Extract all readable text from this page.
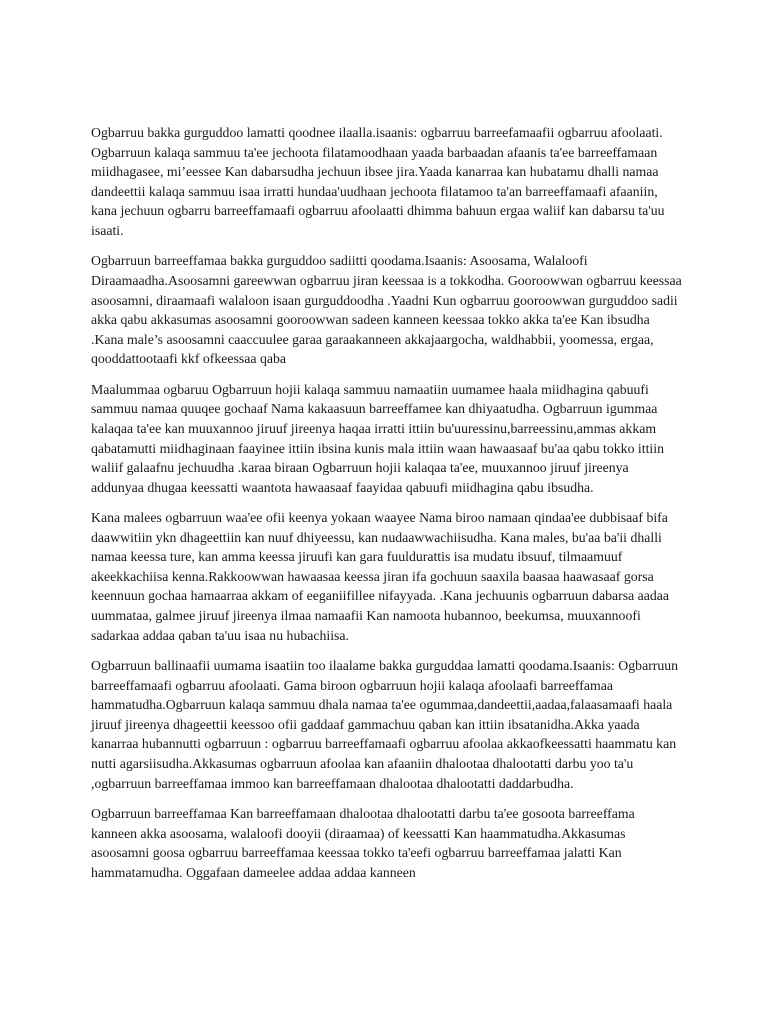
Ogbarruu bakka gurguddoo lamatti qoodnee ilaalla.isaanis: ogbarruu barreefamaafii ogbarruu afoolaati.  Ogbarruun kalaqa sammuu ta'ee jechoota filatamoodhaan yaada barbaadan afaanis ta'ee barreeffamaan miidhagasee, mi’eessee Kan dabarsudha jechuun ibsee jira.Yaada kanarraa kan hubatamu dhalli namaa dandeettii kalaqa sammuu isaa irratti hundaa'uudhaan jechoota filatamoo ta'an barreeffamaafi afaaniin, kana jechuun ogbarru barreeffamaafi ogbarruu afoolaatti dhimma bahuun ergaa waliif kan dabarsu ta'uu isaati.

Ogbarruun barreeffamaa bakka gurguddoo sadiitti qoodama.Isaanis: Asoosama, Walaloofi Diraamaadha.Asoosamni gareewwan ogbarruu jiran keessaa is a tokkodha. Gooroowwan ogbarruu keessaa asoosamni, diraamaafi walaloon isaan gurguddoodha .Yaadni Kun ogbarruu gooroowwan gurguddoo sadii akka qabu akkasumas asoosamni gooroowwan sadeen kanneen keessaa tokko akka ta'ee Kan ibsudha .Kana male’s asoosamni caaccuulee garaa garaakanneen akkajaargocha, waldhabbii, yoomessa, ergaa, qooddattootaafi kkf ofkeessaa qaba

Maalummaa ogbaruu Ogbarruun hojii kalaqa sammuu namaatiin uumamee haala miidhagina qabuufi sammuu namaa quuqee gochaaf Nama kakaasuun barreeffamee kan dhiyaatudha. Ogbarruun igummaa kalaqaa ta'ee kan muuxannoo jiruuf jireenya haqaa irratti ittiin bu'uuressinu,barreessinu,ammas akkam qabatamutti miidhaginaan faayinee ittiin ibsina kunis mala ittiin waan hawaasaaf bu'aa qabu tokko ittiin waliif galaafnu jechuudha .karaa biraan Ogbarruun hojii kalaqaa ta'ee, muuxannoo jiruuf jireenya addunyaa dhugaa keessatti waantota hawaasaaf faayidaa qabuufi miidhagina qabu ibsudha.

Kana malees ogbarruun waa'ee ofii keenya yokaan waayee Nama biroo namaan qindaa'ee dubbisaaf bifa daawwitiin ykn dhageettiin kan nuuf dhiyeessu, kan nudaawwachiisudha. Kana males, bu'aa ba'ii dhalli namaa keessa ture, kan amma keessa jiruufi kan gara fuuldurattis isa mudatu ibsuuf, tilmaamuuf akeekkachiisa kenna.Rakkoowwan hawaasaa keessa jiran ifa gochuun saaxila baasaa haawasaaf gorsa keennuun gochaa hamaarraa akkam of eeganiifillee nifayyada. .Kana jechuunis ogbarruun dabarsa aadaa uummataa, galmee jiruuf jireenya ilmaa namaafii Kan namoota hubannoo, beekumsa, muuxannoofi sadarkaa addaa qaban ta'uu isaa nu hubachiisa.

Ogbarruun ballinaafii uumama isaatiin too ilaalame bakka gurguddaa lamatti qoodama.Isaanis: Ogbarruun barreeffamaafi ogbarruu afoolaati. Gama biroon ogbarruun hojii kalaqa afoolaafi barreeffamaa hammatudha.Ogbarruun kalaqa sammuu dhala namaa ta'ee ogummaa,dandeettii,aadaa,falaasamaafi haala jiruuf jireenya dhageettii keessoo ofii gaddaaf gammachuu qaban kan ittiin ibsatanidha.Akka yaada kanarraa hubannutti ogbarruun : ogbarruu barreeffamaafi ogbarruu afoolaa akkaofkeessatti haammatu kan nutti agarsiisudha.Akkasumas ogbarruun afoolaa kan afaaniin dhalootaa dhalootatti darbu yoo ta'u ,ogbarruun barreeffamaa immoo kan barreeffamaan dhalootaa dhalootatti daddarbudha.

Ogbarruun barreeffamaa Kan barreeffamaan dhalootaa dhalootatti darbu ta'ee gosoota barreeffama kanneen akka asoosama, walaloofi dooyii (diraamaa) of keessatti Kan haammatudha.Akkasumas asoosamni goosa ogbarruu barreeffamaa keessaa tokko ta'eefi ogbarruu barreeffamaa jalatti Kan hammatamudha. Oggafaan dameelee addaa addaa kanneen
